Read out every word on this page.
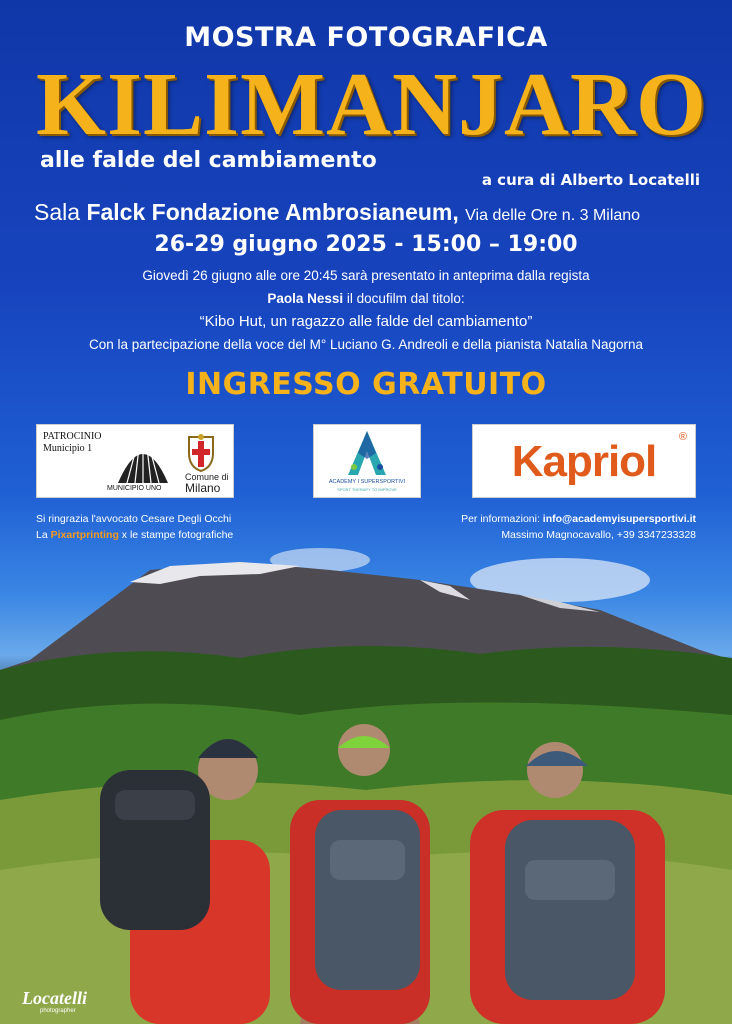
MOSTRA FOTOGRAFICA
KILIMANJARO
alle falde del cambiamento
a cura di Alberto Locatelli
Sala Falck Fondazione Ambrosianeum, Via delle Ore n. 3 Milano
26-29 giugno 2025 - 15:00 – 19:00
Giovedì 26 giugno alle ore 20:45 sarà presentato in anteprima dalla regista
Paola Nessi il docufilm dal titolo:
“Kibo Hut, un ragazzo alle falde del cambiamento”
Con la partecipazione della voce del M° Luciano G. Andreoli e della pianista Natalia Nagorna
INGRESSO GRATUITO
PATROCINIO
Municipio 1
MUNICIPIO UNO
Comune di
Milano	ACADEMY I SUPERSPORTIVI
SPORT THERAPY TO IMPROVE
Kapriol	®
Si ringrazia l'avvocato Cesare Degli Occhi
La Pixartprinting x le stampe fotografiche
Per informazioni: info@academyisupersportivi.it
Massimo Magnocavallo, +39 3347233328
Locatelli
photographer
